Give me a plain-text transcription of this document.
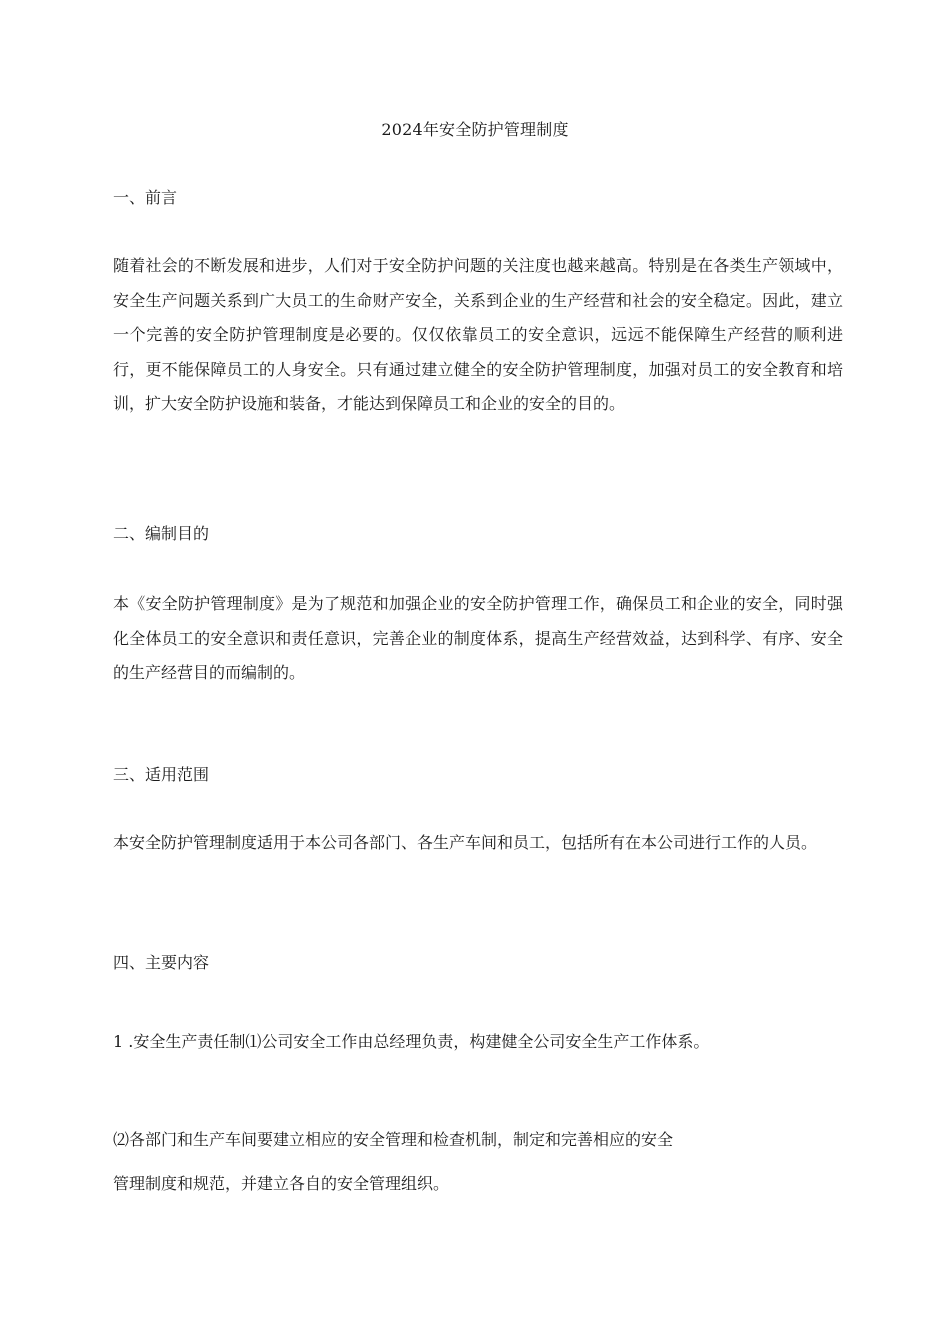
2024年安全防护管理制度
一、前言

随着社会的不断发展和进步，人们对于安全防护问题的关注度也越来越高。特别是在各类生产领域中，安全生产问题关系到广大员工的生命财产安全，关系到企业的生产经营和社会的安全稳定。因此，建立一个完善的安全防护管理制度是必要的。仅仅依靠员工的安全意识，远远不能保障生产经营的顺利进行，更不能保障员工的人身安全。只有通过建立健全的安全防护管理制度，加强对员工的安全教育和培训，扩大安全防护设施和装备，才能达到保障员工和企业的安全的目的。

二、编制目的

本《安全防护管理制度》是为了规范和加强企业的安全防护管理工作，确保员工和企业的安全，同时强化全体员工的安全意识和责任意识，完善企业的制度体系，提高生产经营效益，达到科学、有序、安全的生产经营目的而编制的。

三、适用范围

本安全防护管理制度适用于本公司各部门、各生产车间和员工，包括所有在本公司进行工作的人员。

四、主要内容
1 .安全生产责任制⑴公司安全工作由总经理负责，构建健全公司安全生产工作体系。
⑵各部门和生产车间要建立相应的安全管理和检查机制，制定和完善相应的安全
管理制度和规范，并建立各自的安全管理组织。
